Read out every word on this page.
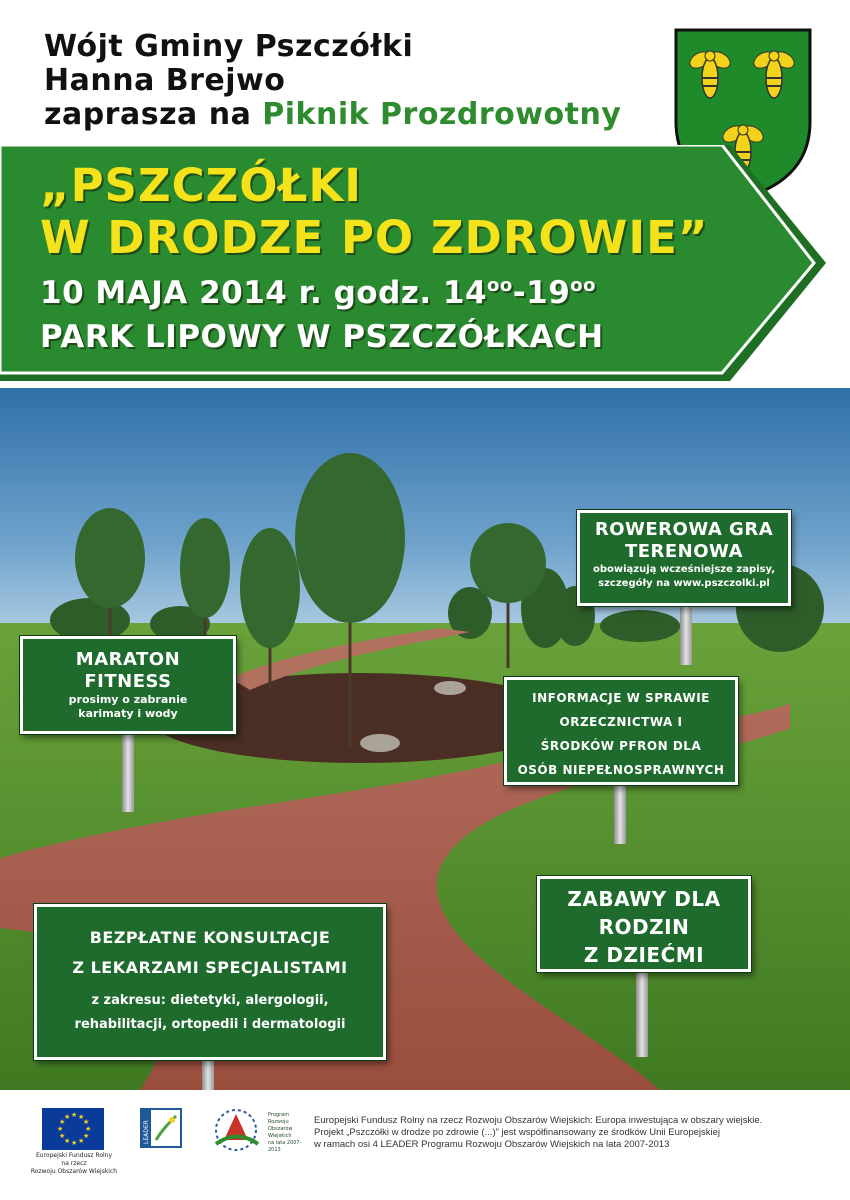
Wójt Gminy Pszczółki
Hanna Brejwo
zaprasza na Piknik Prozdrowotny
„PSZCZÓŁKI
W DRODZE PO ZDROWIE”
10 MAJA 2014 r. godz. $14^{oo}-19^{oo}$
PARK LIPOWY W PSZCZÓŁKACH
ROWEROWA GRA
TERENOWA
obowiązują wcześniejsze zapisy,
szczegóły na www.pszczolki.pl
MARATON
FITNESS
prosimy o zabranie
karimaty i wody
INFORMACJE W SPRAWIE
ORZECZNICTWA I
ŚRODKÓW PFRON DLA
OSÓB NIEPEŁNOSPRAWNYCH
ZABAWY DLA
RODZIN
Z DZIEĆMI
BEZPŁATNE KONSULTACJE
Z LEKARZAMI SPECJALISTAMI
z zakresu: dietetyki, alergologii,
rehabilitacji, ortopedii i dermatologii
★ ★
★
★
★
★
★
★
★
★
★
★
Europejski Fundusz Rolny
na rzecz
Rozwoju Obszarów Wiejskich
LEADER
Program
Rozwoju
Obszarów
Wiejskich
na lata 2007-2013
Europejski Fundusz Rolny na rzecz Rozwoju Obszarów Wiejskich: Europa inwestująca w obszary wiejskie.
Projekt „Pszczółki w drodze po zdrowie (...)” jest współfinansowany ze środków Unii Europejskiej
w ramach osi 4 LEADER Programu Rozwoju Obszarów Wiejskich na lata 2007-2013
